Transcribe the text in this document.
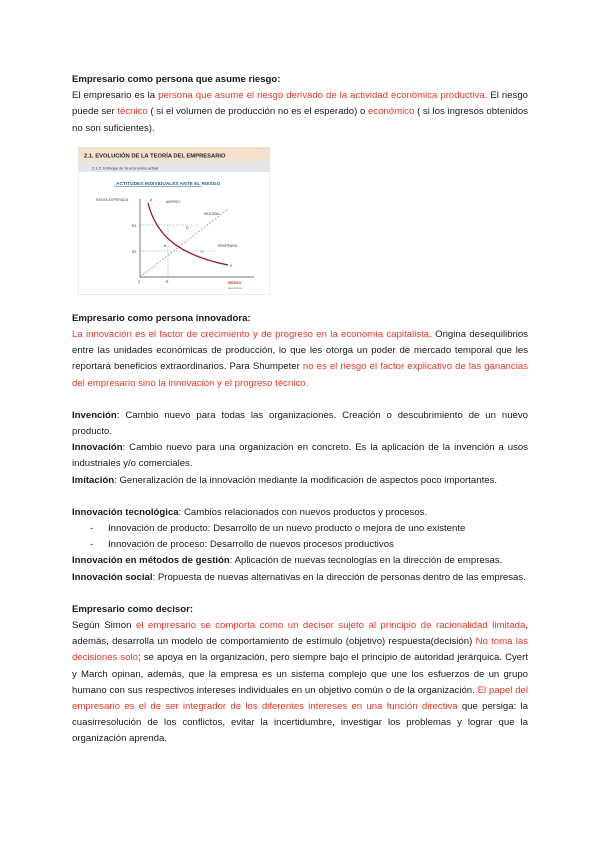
Empresario como persona que asume riesgo:

El empresario es la persona que asume el riesgo derivado de la actividad económica productiva. El riesgo puede ser técnico ( si el volumen de producción no es el esperado) o económico ( si los ingresos obtenidos no son suficientes).

2.1. EVOLUCIÓN DE LA TEORÍA DEL EMPRESARIO
2.1.2. Enfoque de la economía actual
ACTITUDES INDIVIDUALES ANTE EL RIESGO
RENTA ESPERADA	A	AVERSO
NEUTRAL
PROPENSO
D
C
B
X
R1
R2
0	R	RIESGO
www.uhu.es

Empresario como persona innovadora:

La innovación es el factor de crecimiento y de progreso en la economía capitalista. Origina desequilibrios entre las unidades económicas de producción, lo que les otorga un poder de mercado temporal que les reportará beneficios extraordinarios. Para Shumpeter no es el riesgo el factor explicativo de las ganancias del empresario sino la innovación y el progreso técnico.

Invención: Cambio nuevo para todas las organizaciones. Creación o descubrimiento de un nuevo producto.

Innovación: Cambio nuevo para una organización en concreto. Es la aplicación de la invención a usos industriales y/o comerciales.

Imitación: Generalización de la innovación mediante la modificación de aspectos poco importantes.

Innovación tecnológica: Cambios relacionados con nuevos productos y procesos.

- Innovación de producto: Desarrollo de un nuevo producto o mejora de uno existente
- Innovación de proceso: Desarrollo de nuevos procesos productivos

Innovación en métodos de gestión: Aplicación de nuevas tecnologías en la dirección de empresas.

Innovación social: Propuesta de nuevas alternativas en la dirección de personas dentro de las empresas.

Empresario como decisor:

Según Simon el empresario se comporta como un decisor sujeto al principio de racionalidad limitada, además, desarrolla un modelo de comportamiento de estímulo (objetivo) respuesta(decisión) No toma las decisiones solo; se apoya en la organización, pero siempre bajo el principio de autoridad jerárquica. Cyert y March opinan, además, que la empresa es un sistema complejo que une los esfuerzos de un grupo humano con sus respectivos intereses individuales en un objetivo común o de la organización. El papel del empresario es el de ser integrador de los diferentes intereses en una función directiva que persiga: la cuasirresolución de los conflictos, evitar la incertidumbre, investigar los problemas y lograr que la organización aprenda.
